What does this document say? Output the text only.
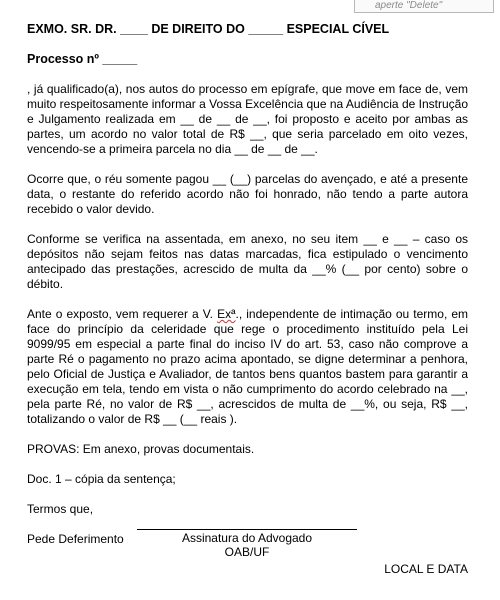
aperte "Delete"
EXMO. SR. DR. ____ DE DIREITO DO _____ ESPECIAL CÍVEL
Processo nº _____

, já qualificado(a), nos autos do processo em epígrafe, que move em face de, vem muito respeitosamente informar a Vossa Excelência que na Audiência de Instrução e Julgamento realizada em __ de __ de __, foi proposto e aceito por ambas as partes, um acordo no valor total de R$ __, que seria parcelado em oito vezes, vencendo-se a primeira parcela no dia __ de __ de __.

Ocorre que, o réu somente pagou __ (__) parcelas do avençado, e até a presente data, o restante do referido acordo não foi honrado, não tendo a parte autora recebido o valor devido.

Conforme se verifica na assentada, em anexo, no seu item __ e __ – caso os depósitos não sejam feitos nas datas marcadas, fica estipulado o vencimento antecipado das prestações, acrescido de multa da __% (__ por cento) sobre o débito.

Ante o exposto, vem requerer a V. Exª., independente de intimação ou termo, em face do princípio da celeridade que rege o procedimento instituído pela Lei 9099/95 em especial a parte final do inciso IV do art. 53, caso não comprove a parte Ré o pagamento no prazo acima apontado, se digne determinar a penhora, pelo Oficial de Justiça e Avaliador, de tantos bens quantos bastem para garantir a execução em tela, tendo em vista o não cumprimento do acordo celebrado na __, pela parte Ré, no valor de R$ __, acrescidos de multa de __%, ou seja, R$ __, totalizando o valor de R$ __ (__ reais ).

PROVAS: Em anexo, provas documentais.

Doc. 1 – cópia da sentença;

Termos que,

Pede Deferimento

LOCAL E DATA

Assinatura do Advogado
OAB/UF
